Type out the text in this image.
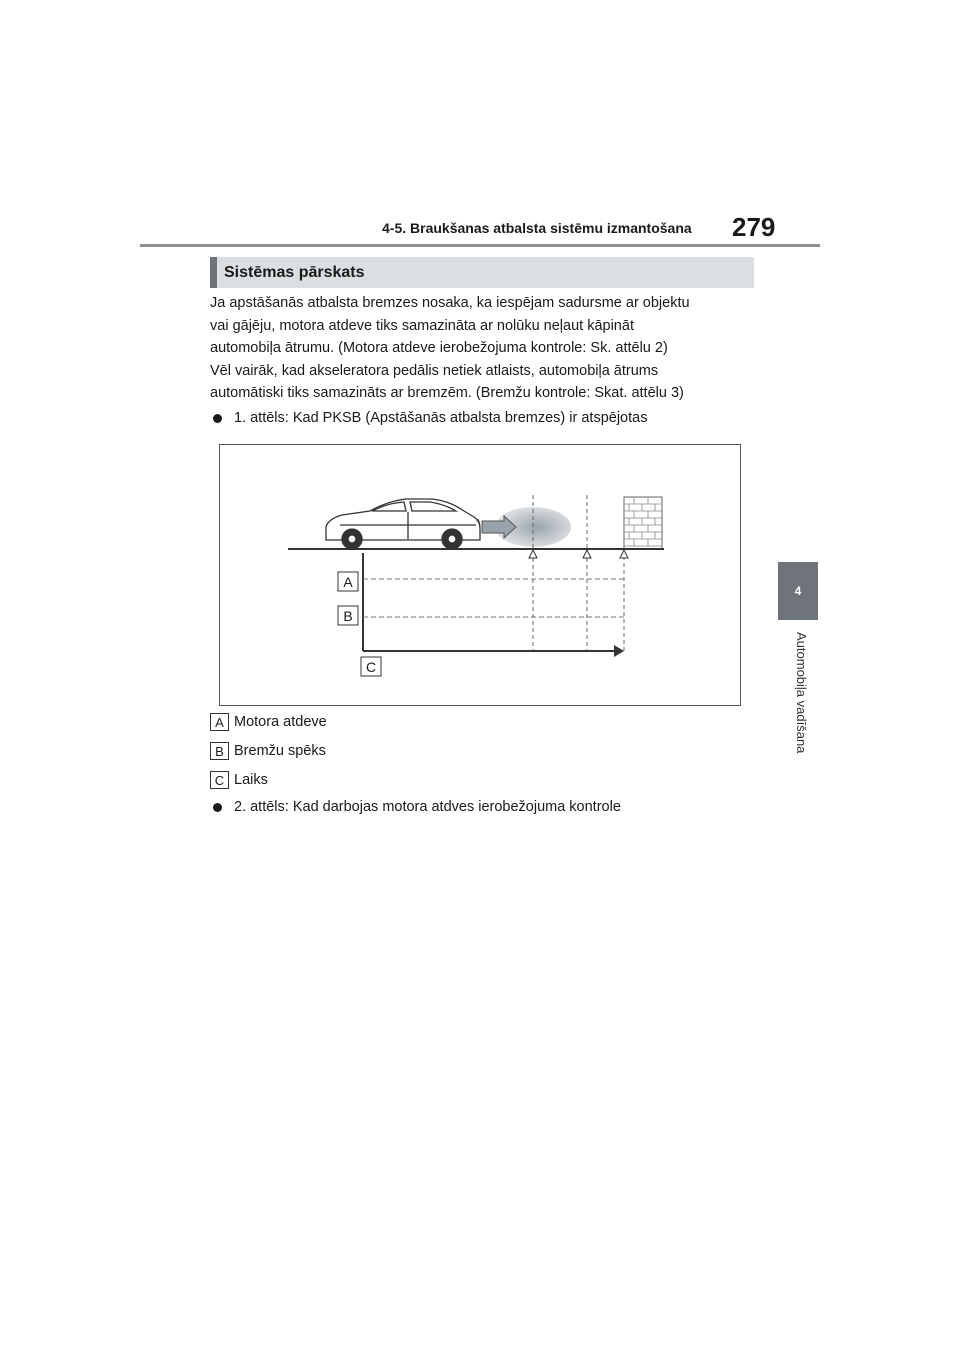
4-5. Braukšanas atbalsta sistēmu izmantošana 279
4
Automobiļa vadīšana
Sistēmas pārskats

Ja apstāšanās atbalsta bremzes nosaka, ka iespējam sadursme ar objektu

vai gājēju, motora atdeve tiks samazināta ar nolūku neļaut kāpināt

automobiļa ātrumu. (Motora atdeve ierobežojuma kontrole: Sk. attēlu 2)

Vēl vairāk, kad akseleratora pedālis netiek atlaists, automobiļa ātrums

automātiski tiks samazināts ar bremzēm. (Bremžu kontrole: Skat. attēlu 3)

1. attēls: Kad PKSB (Apstāšanās atbalsta bremzes) ir atspējotas
A
B
C
A Motora atdeve
B Bremžu spēks
C Laiks
2. attēls: Kad darbojas motora atdves ierobežojuma kontrole
